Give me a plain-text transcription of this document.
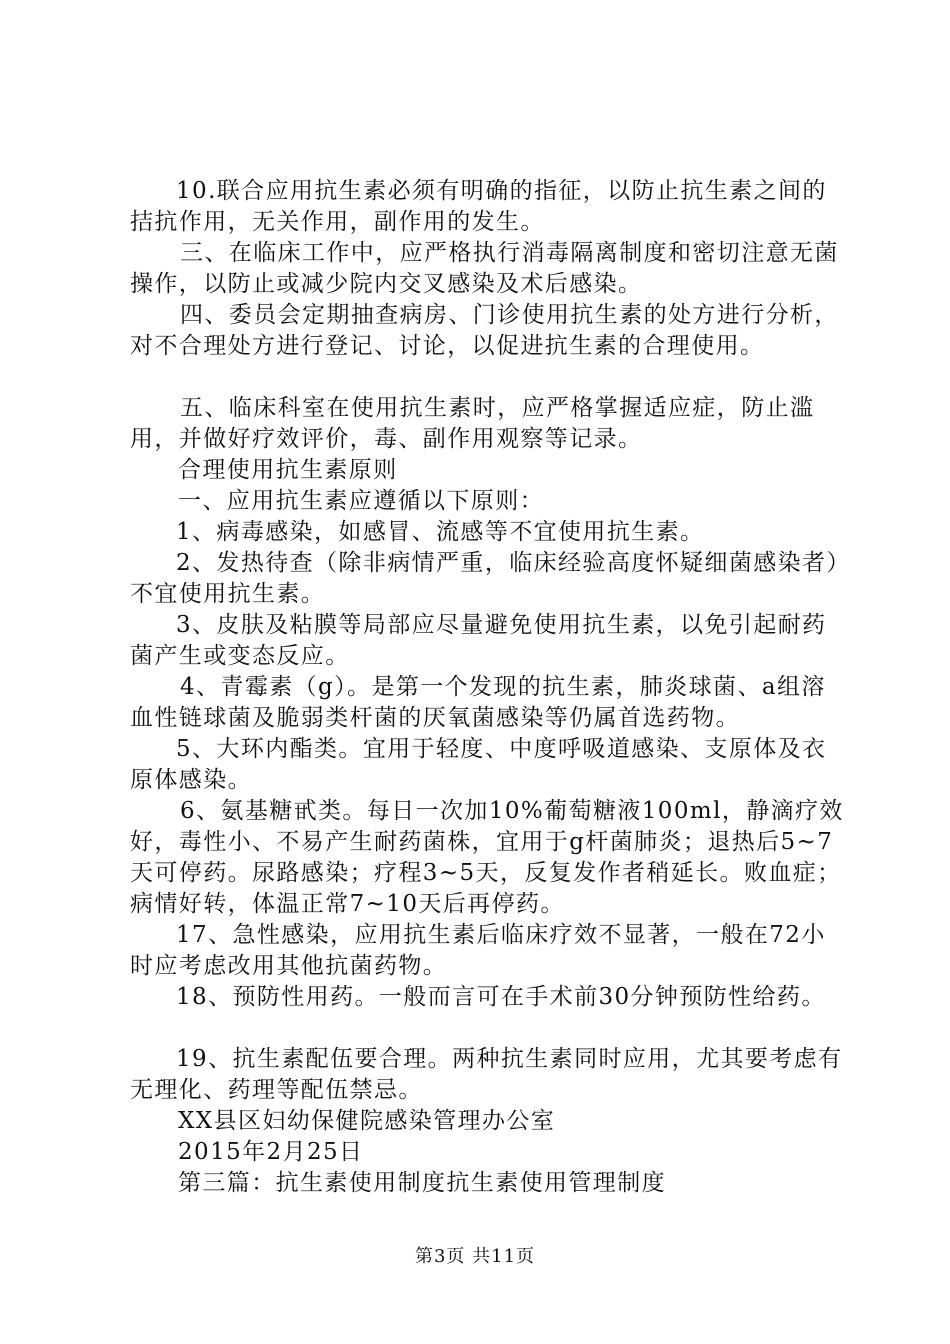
10.联合应用抗生素必须有明确的指征，以防止抗生素之间的拮抗作用，无关作用，副作用的发生。
三、在临床工作中，应严格执行消毒隔离制度和密切注意无菌操作，以防止或减少院内交叉感染及术后感染。
四、委员会定期抽查病房、门诊使用抗生素的处方进行分析，对不合理处方进行登记、讨论，以促进抗生素的合理使用。
五、临床科室在使用抗生素时，应严格掌握适应症，防止滥用，并做好疗效评价，毒、副作用观察等记录。
合理使用抗生素原则
一、应用抗生素应遵循以下原则：
1、病毒感染，如感冒、流感等不宜使用抗生素。
2、发热待查（除非病情严重，临床经验高度怀疑细菌感染者）不宜使用抗生素。
3、皮肤及粘膜等局部应尽量避免使用抗生素，以免引起耐药菌产生或变态反应。
4、青霉素（g）。是第一个发现的抗生素，肺炎球菌、a组溶血性链球菌及脆弱类杆菌的厌氧菌感染等仍属首选药物。
5、大环内酯类。宜用于轻度、中度呼吸道感染、支原体及衣原体感染。
6、氨基糖甙类。每日一次加10%葡萄糖液100ml，静滴疗效好，毒性小、不易产生耐药菌株，宜用于g杆菌肺炎；退热后5~7天可停药。尿路感染；疗程3~5天，反复发作者稍延长。败血症；病情好转，体温正常7~10天后再停药。
17、急性感染，应用抗生素后临床疗效不显著，一般在72小时应考虑改用其他抗菌药物。
18、预防性用药。一般而言可在手术前30分钟预防性给药。
19、抗生素配伍要合理。两种抗生素同时应用，尤其要考虑有无理化、药理等配伍禁忌。
XX县区妇幼保健院感染管理办公室
2015年2月25日
第三篇：抗生素使用制度抗生素使用管理制度
第3页 共11页
